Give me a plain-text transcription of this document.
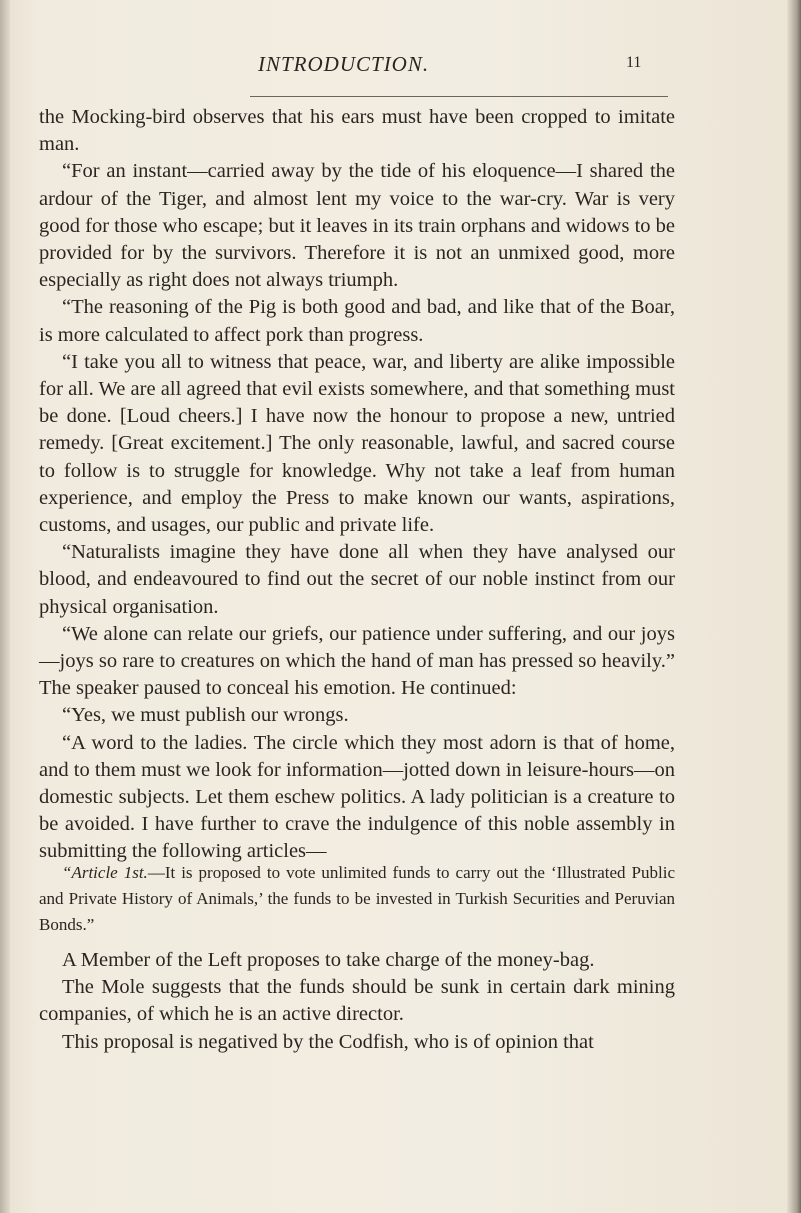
INTRODUCTION.	11

the Mocking-bird observes that his ears must have been cropped to imitate man.

“For an instant—carried away by the tide of his eloquence—I shared the ardour of the Tiger, and almost lent my voice to the war-cry. War is very good for those who escape; but it leaves in its train orphans and widows to be provided for by the survivors. Therefore it is not an unmixed good, more especially as right does not always triumph.

“The reasoning of the Pig is both good and bad, and like that of the Boar, is more calculated to affect pork than progress.

“I take you all to witness that peace, war, and liberty are alike impossible for all. We are all agreed that evil exists somewhere, and that something must be done. [Loud cheers.] I have now the honour to propose a new, untried remedy. [Great excitement.] The only reasonable, lawful, and sacred course to follow is to struggle for knowledge. Why not take a leaf from human experience, and employ the Press to make known our wants, aspirations, customs, and usages, our public and private life.

“Naturalists imagine they have done all when they have analysed our blood, and endeavoured to find out the secret of our noble instinct from our physical organisation.

“We alone can relate our griefs, our patience under suffering, and our joys—joys so rare to creatures on which the hand of man has pressed so heavily.” The speaker paused to conceal his emotion. He continued:

“Yes, we must publish our wrongs.

“A word to the ladies. The circle which they most adorn is that of home, and to them must we look for information—jotted down in leisure-hours—on domestic subjects. Let them eschew politics. A lady politician is a creature to be avoided. I have further to crave the indulgence of this noble assembly in submitting the following articles—

“Article 1st.—It is proposed to vote unlimited funds to carry out the ‘Illustrated Public and Private History of Animals,’ the funds to be invested in Turkish Securities and Peruvian Bonds.”

A Member of the Left proposes to take charge of the money-bag.

The Mole suggests that the funds should be sunk in certain dark mining companies, of which he is an active director.

This proposal is negatived by the Codfish, who is of opinion that
